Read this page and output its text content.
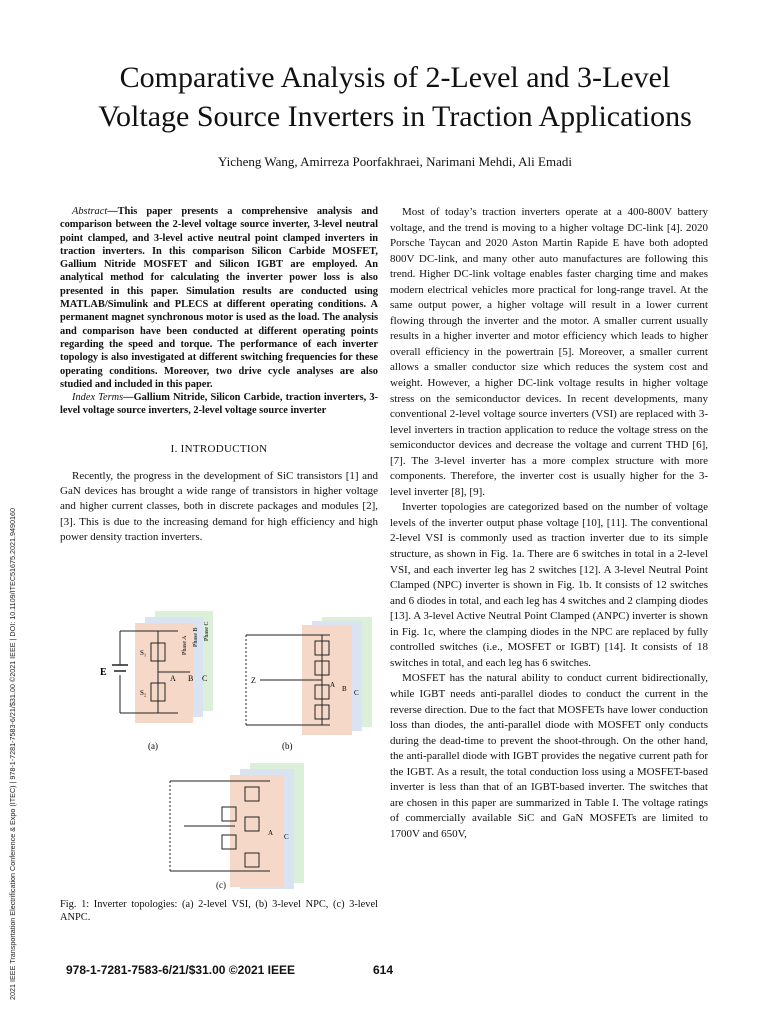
2021 IEEE Transportation Electrification Conference & Expo (ITEC) | 978-1-7281-7583-6/21/$31.00 ©2021 IEEE | DOI: 10.1109/ITEC51675.2021.9490160
Comparative Analysis of 2-Level and 3-Level
Voltage Source Inverters in Traction Applications
Yicheng Wang, Amirreza Poorfakhraei, Narimani Mehdi, Ali Emadi

Abstract—This paper presents a comprehensive analysis and comparison between the 2-level voltage source inverter, 3-level neutral point clamped, and 3-level active neutral point clamped inverters in traction inverters. In this comparison Silicon Carbide MOSFET, Gallium Nitride MOSFET and Silicon IGBT are employed. An analytical method for calculating the inverter power loss is also presented in this paper. Simulation results are conducted using MATLAB/Simulink and PLECS at different operating conditions. A permanent magnet synchronous motor is used as the load. The analysis and comparison have been conducted at different operating points regarding the speed and torque. The performance of each inverter topology is also investigated at different switching frequencies for these operating conditions. Moreover, two drive cycle analyses are also studied and included in this paper.

Index Terms—Gallium Nitride, Silicon Carbide, traction inverters, 3-level voltage source inverters, 2-level voltage source inverter

I. INTRODUCTION

Recently, the progress in the development of SiC transistors [1] and GaN devices has brought a wide range of transistors in higher voltage and higher current classes, both in discrete packages and modules [2], [3]. This is due to the increasing demand for high efficiency and high power density traction inverters.

E
S₁
S₂
A B C
Phase A Phase B Phase C
(a)
Z	A B C
(b)
A C
(c)
Fig. 1: Inverter topologies: (a) 2-level VSI, (b) 3-level NPC, (c) 3-level ANPC.

Most of today’s traction inverters operate at a 400-800V battery voltage, and the trend is moving to a higher voltage DC-link [4]. 2020 Porsche Taycan and 2020 Aston Martin Rapide E have both adopted 800V DC-link, and many other auto manufactures are following this trend. Higher DC-link voltage enables faster charging time and makes modern electrical vehicles more practical for long-range travel. At the same output power, a higher voltage will result in a lower current flowing through the inverter and the motor. A smaller current usually results in a higher inverter and motor efficiency which leads to higher overall efficiency in the powertrain [5]. Moreover, a smaller current allows a smaller conductor size which reduces the system cost and weight. However, a higher DC-link voltage results in higher voltage stress on the semiconductor devices. In recent developments, many conventional 2-level voltage source inverters (VSI) are replaced with 3-level inverters in traction application to reduce the voltage stress on the semiconductor devices and decrease the voltage and current THD [6], [7]. The 3-level inverter has a more complex structure with more components. Therefore, the inverter cost is usually higher for the 3-level inverter [8], [9].

Inverter topologies are categorized based on the number of voltage levels of the inverter output phase voltage [10], [11]. The conventional 2-level VSI is commonly used as traction inverter due to its simple structure, as shown in Fig. 1a. There are 6 switches in total in a 2-level VSI, and each inverter leg has 2 switches [12]. A 3-level Neutral Point Clamped (NPC) inverter is shown in Fig. 1b. It consists of 12 switches and 6 diodes in total, and each leg has 4 switches and 2 clamping diodes [13]. A 3-level Active Neutral Point Clamped (ANPC) inverter is shown in Fig. 1c, where the clamping diodes in the NPC are replaced by fully controlled switches (i.e., MOSFET or IGBT) [14]. It consists of 18 switches in total, and each leg has 6 switches.

MOSFET has the natural ability to conduct current bidirectionally, while IGBT needs anti-parallel diodes to conduct the current in the reverse direction. Due to the fact that MOSFETs have lower conduction loss than diodes, the anti-parallel diode with MOSFET only conducts during the dead-time to prevent the shoot-through. On the other hand, the anti-parallel diode with IGBT provides the negative current path for the IGBT. As a result, the total conduction loss using a MOSFET-based inverter is less than that of an IGBT-based inverter. The switches that are chosen in this paper are summarized in Table I. The voltage ratings of commercially available SiC and GaN MOSFETs are limited to 1700V and 650V,

978-1-7281-7583-6/21/$31.00 ©2021 IEEE	614
